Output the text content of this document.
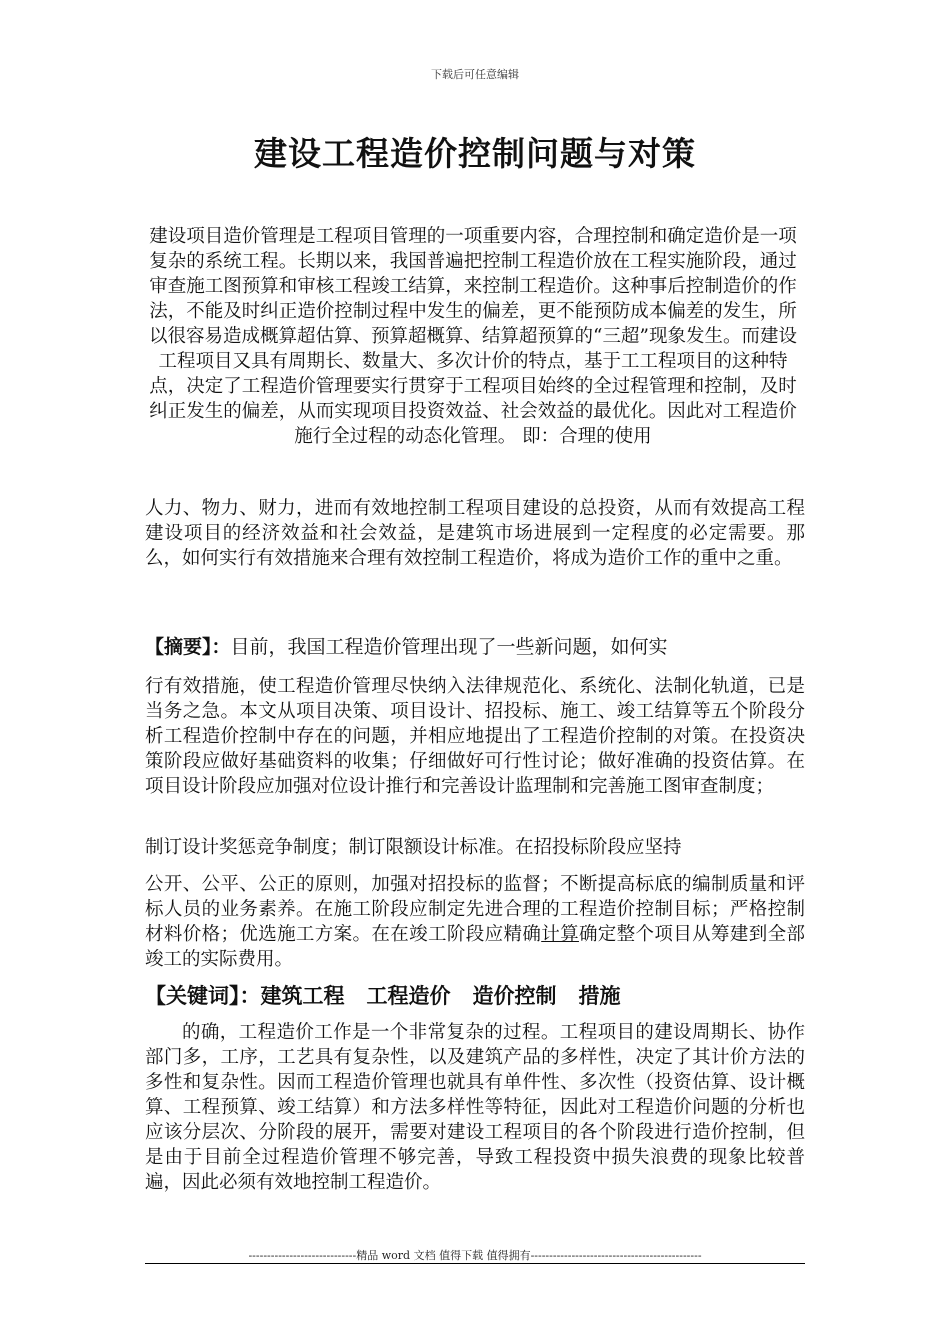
下载后可任意编辑
建设工程造价控制问题与对策

建设项目造价管理是工程项目管理的一项重要内容，合理控制和确定造价是一项复杂的系统工程。长期以来，我国普遍把控制工程造价放在工程实施阶段，通过审查施工图预算和审核工程竣工结算，来控制工程造价。这种事后控制造价的作法，不能及时纠正造价控制过程中发生的偏差，更不能预防成本偏差的发生，所以很容易造成概算超估算、预算超概算、结算超预算的“三超”现象发生。而建设工程项目又具有周期长、数量大、多次计价的特点，基于工工程项目的这种特点，决定了工程造价管理要实行贯穿于工程项目始终的全过程管理和控制，及时纠正发生的偏差，从而实现项目投资效益、社会效益的最优化。因此对工程造价施行全过程的动态化管理。 即：合理的使用

人力、物力、财力，进而有效地控制工程项目建设的总投资，从而有效提高工程建设项目的经济效益和社会效益，是建筑市场进展到一定程度的必定需要。那么，如何实行有效措施来合理有效控制工程造价，将成为造价工作的重中之重。

【摘要】：目前，我国工程造价管理出现了一些新问题，如何实

行有效措施，使工程造价管理尽快纳入法律规范化、系统化、法制化轨道，已是当务之急。本文从项目决策、项目设计、招投标、施工、竣工结算等五个阶段分析工程造价控制中存在的问题，并相应地提出了工程造价控制的对策。在投资决策阶段应做好基础资料的收集；仔细做好可行性讨论；做好准确的投资估算。在项目设计阶段应加强对位设计推行和完善设计监理制和完善施工图审查制度；

制订设计奖惩竞争制度；制订限额设计标准。在招投标阶段应坚持

公开、公平、公正的原则，加强对招投标的监督；不断提高标底的编制质量和评标人员的业务素养。在施工阶段应制定先进合理的工程造价控制目标；严格控制材料价格；优选施工方案。在在竣工阶段应精确计算确定整个项目从筹建到全部竣工的实际费用。

【关键词】：建筑工程 工程造价 造价控制 措施

的确，工程造价工作是一个非常复杂的过程。工程项目的建设周期长、协作部门多，工序，工艺具有复杂性，以及建筑产品的多样性，决定了其计价方法的多性和复杂性。因而工程造价管理也就具有单件性、多次性（投资估算、设计概算、工程预算、竣工结算）和方法多样性等特征，因此对工程造价问题的分析也应该分层次、分阶段的展开，需要对建设工程项目的各个阶段进行造价控制，但是由于目前全过程造价管理不够完善，导致工程投资中损失浪费的现象比较普遍，因此必须有效地控制工程造价。

-----------------------------精品 word 文档 值得下载 值得拥有----------------------------------------------
